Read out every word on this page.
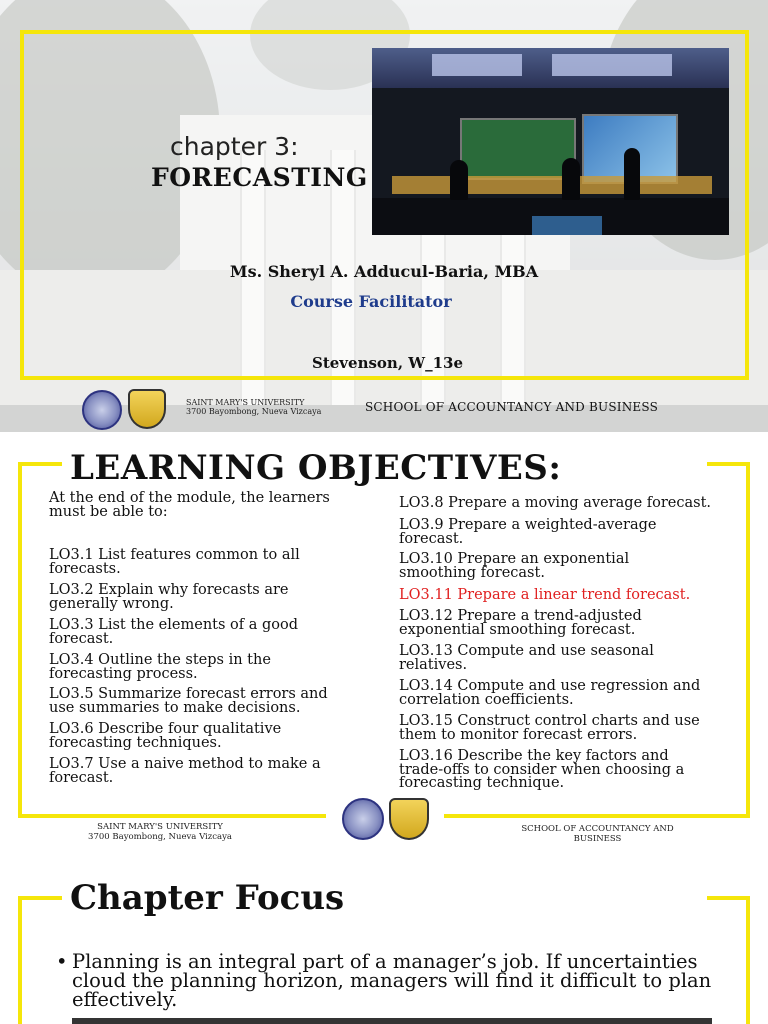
chapter 3:
FORECASTING
Ms. Sheryl A. Adducul-Baria, MBA
Course Facilitator
Stevenson, W_13e
SAINT MARY'S UNIVERSITY
3700 Bayombong, Nueva Vizcaya	SCHOOL OF ACCOUNTANCY AND BUSINESS
LEARNING OBJECTIVES:
At the end of the module, the learners must be able to:
LO3.1 List features common to all forecasts.
LO3.2 Explain why forecasts are generally wrong.
LO3.3 List the elements of a good forecast.
LO3.4 Outline the steps in the forecasting process.
LO3.5 Summarize forecast errors and use summaries to make decisions.
LO3.6 Describe four qualitative forecasting techniques.
LO3.7 Use a naive method to make a forecast.
LO3.8 Prepare a moving average forecast.
LO3.9 Prepare a weighted-average forecast.
LO3.10 Prepare an exponential smoothing forecast.
LO3.11 Prepare a linear trend forecast.
LO3.12 Prepare a trend-adjusted exponential smoothing forecast.
LO3.13 Compute and use seasonal relatives.
LO3.14 Compute and use regression and correlation coefficients.
LO3.15 Construct control charts and use them to monitor forecast errors.
LO3.16 Describe the key factors and trade-offs to consider when choosing a forecasting technique.
SAINT MARY'S UNIVERSITY
3700 Bayombong, Nueva Vizcaya
SCHOOL OF ACCOUNTANCY AND BUSINESS
Chapter Focus
• Planning is an integral part of a manager’s job. If uncertainties cloud the planning horizon, managers will find it difficult to plan effectively.
